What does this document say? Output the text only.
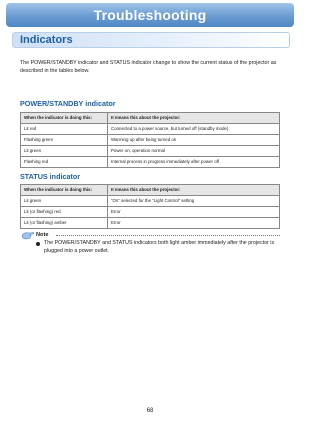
Troubleshooting
Indicators
The POWER/STANDBY indicator and STATUS indicator change to show the current status of the projector as described in the tables below.
POWER/STANDBY indicator
When the indicator is doing this:	It means this about the projector:
Lit red	Connected to a power source, but turned off (standby mode)
Flashing green	Warming up after being turned on
Lit green	Power on, operation normal
Flashing red	Internal process in progress immediately after power off
STATUS indicator
When the indicator is doing this:	It means this about the projector:
Lit green	“On” selected for the “Light Control” setting
Lit (or flashing) red	Error
Lit (or flashing) amber	Error
Note
The POWER/STANDBY and STATUS indicators both light amber immediately after the projector is plugged into a power outlet.
68
